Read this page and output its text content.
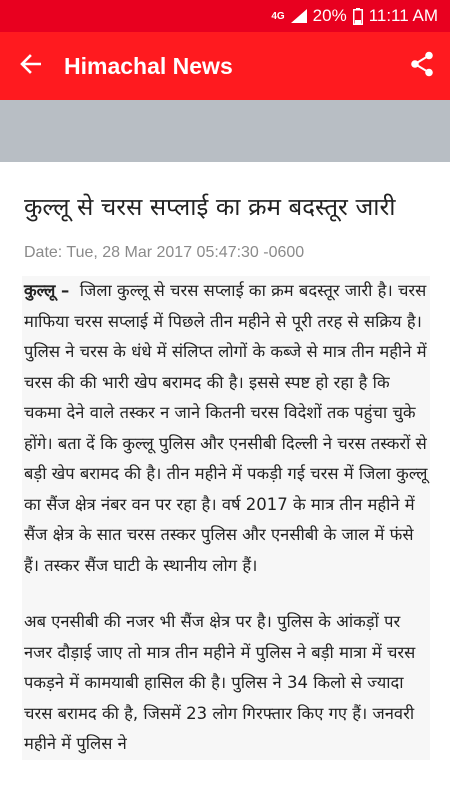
4G 20% 11:11 AM
Himachal News
कुल्लू से चरस सप्लाई का क्रम बदस्तूर जारी
Date: Tue, 28 Mar 2017 05:47:30 -0600

कुल्लू – जिला कुल्लू से चरस सप्लाई का क्रम बदस्तूर जारी है। चरस माफिया चरस सप्लाई में पिछले तीन महीने से पूरी तरह से सक्रिय है। पुलिस ने चरस के धंधे में संलिप्त लोगों के कब्जे से मात्र तीन महीने में चरस की की भारी खेप बरामद की है। इससे स्पष्ट हो रहा है कि चकमा देने वाले तस्कर न जाने कितनी चरस विदेशों तक पहुंचा चुके होंगे। बता दें कि कुल्लू पुलिस और एनसीबी दिल्ली ने चरस तस्करों से बड़ी खेप बरामद की है। तीन महीने में पकड़ी गई चरस में जिला कुल्लू का सैंज क्षेत्र नंबर वन पर रहा है। वर्ष 2017 के मात्र तीन महीने में सैंज क्षेत्र के सात चरस तस्कर पुलिस और एनसीबी के जाल में फंसे हैं। तस्कर सैंज घाटी के स्थानीय लोग हैं।

अब एनसीबी की नजर भी सैंज क्षेत्र पर है। पुलिस के आंकड़ों पर नजर दौड़ाई जाए तो मात्र तीन महीने में पुलिस ने बड़ी मात्रा में चरस पकड़ने में कामयाबी हासिल की है। पुलिस ने 34 किलो से ज्यादा चरस बरामद की है, जिसमें 23 लोग गिरफ्तार किए गए हैं। जनवरी महीने में पुलिस ने
